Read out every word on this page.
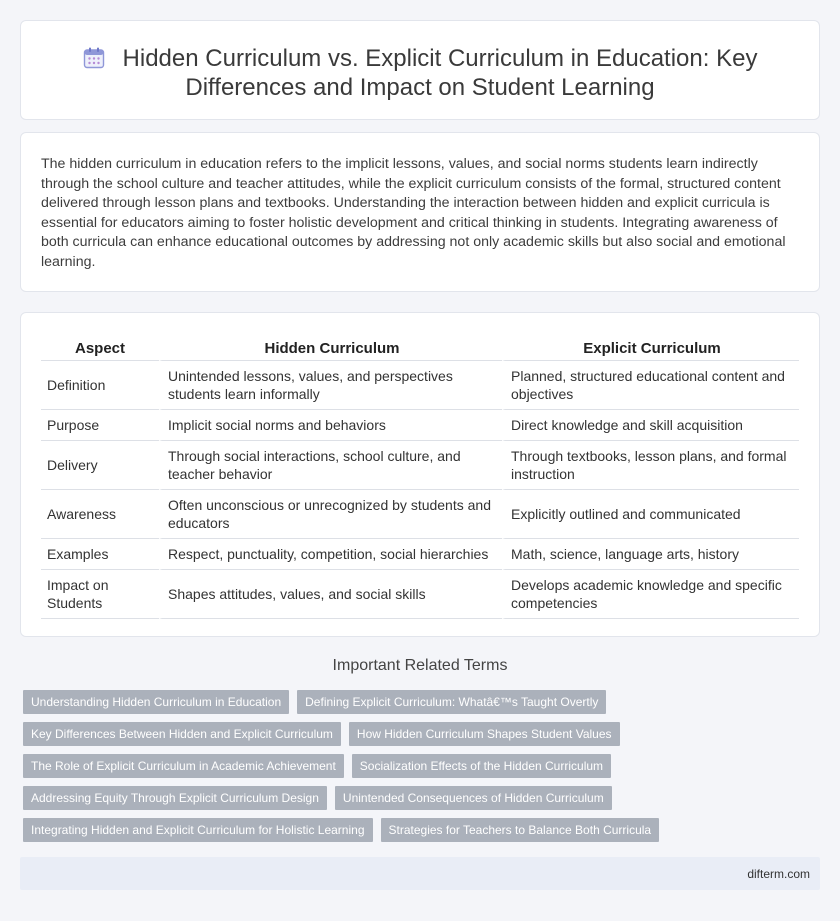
Hidden Curriculum vs. Explicit Curriculum in Education: Key Differences and Impact on Student Learning

The hidden curriculum in education refers to the implicit lessons, values, and social norms students learn indirectly through the school culture and teacher attitudes, while the explicit curriculum consists of the formal, structured content delivered through lesson plans and textbooks. Understanding the interaction between hidden and explicit curricula is essential for educators aiming to foster holistic development and critical thinking in students. Integrating awareness of both curricula can enhance educational outcomes by addressing not only academic skills but also social and emotional learning.

Aspect	Hidden Curriculum	Explicit Curriculum
Definition	Unintended lessons, values, and perspectives students learn informally	Planned, structured educational content and objectives
Purpose	Implicit social norms and behaviors	Direct knowledge and skill acquisition
Delivery	Through social interactions, school culture, and teacher behavior	Through textbooks, lesson plans, and formal instruction
Awareness	Often unconscious or unrecognized by students and educators	Explicitly outlined and communicated
Examples	Respect, punctuality, competition, social hierarchies	Math, science, language arts, history
Impact on Students	Shapes attitudes, values, and social skills	Develops academic knowledge and specific competencies
Important Related Terms
Understanding Hidden Curriculum in Education	Defining Explicit Curriculum: Whatâ€™s Taught Overtly
Key Differences Between Hidden and Explicit Curriculum	How Hidden Curriculum Shapes Student Values
The Role of Explicit Curriculum in Academic Achievement	Socialization Effects of the Hidden Curriculum
Addressing Equity Through Explicit Curriculum Design	Unintended Consequences of Hidden Curriculum
Integrating Hidden and Explicit Curriculum for Holistic Learning	Strategies for Teachers to Balance Both Curricula
difterm.com
